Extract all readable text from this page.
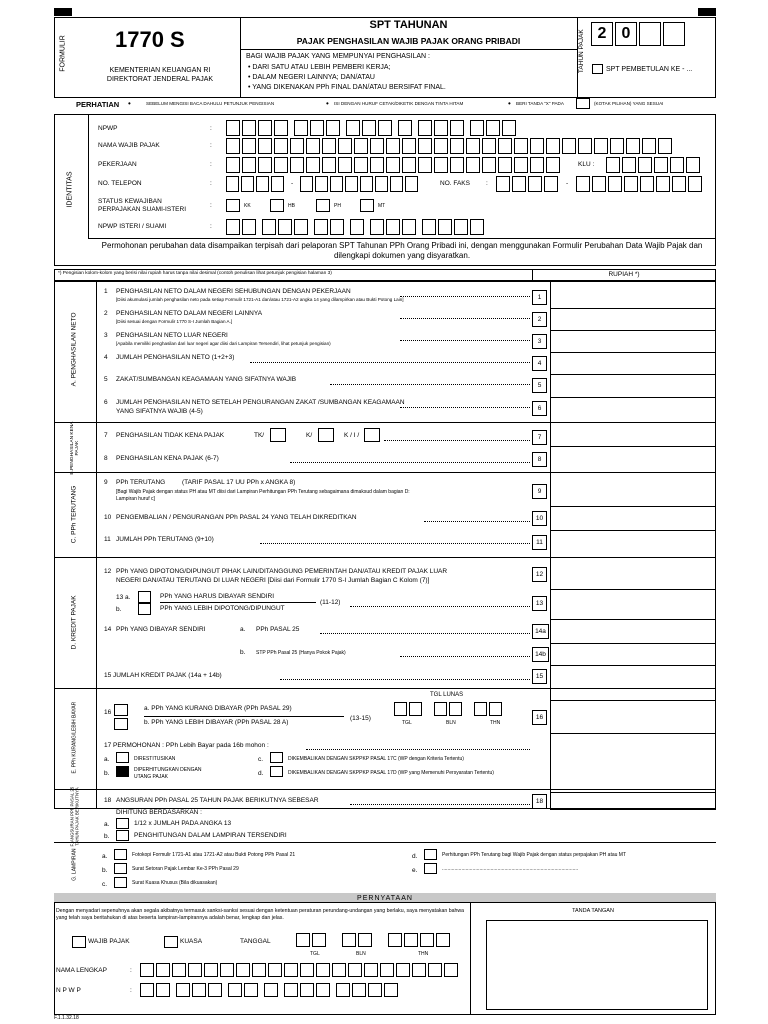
FORMULIR 1770 S
KEMENTERIAN KEUANGAN RI
DIREKTORAT JENDERAL PAJAK
SPT TAHUNAN
PAJAK PENGHASILAN WAJIB PAJAK ORANG PRIBADI
BAGI WAJIB PAJAK YANG MEMPUNYAI PENGHASILAN :
• DARI SATU ATAU LEBIH PEMBERI KERJA;
• DALAM NEGERI LAINNYA; DAN/ATAU
• YANG DIKENAKAN PPh FINAL DAN/ATAU BERSIFAT FINAL.
TAHUN PAJAK 2 0
SPT PEMBETULAN KE - ...
PERHATIAN •	SEBELUM MENGISI BACA DAHULU PETUNJUK PENGISIAN	• ISI DENGAN HURUF CETAK/DIKETIK DENGAN TINTA HITAM	• BERI TANDA "X" PADA	(KOTAK PILIHAN) YANG SESUAI
IDENTITAS
NPWP	:
NAMA WAJIB PAJAK	:
PEKERJAAN	:	KLU :
NO. TELEPON	:	-	NO. FAKS :	-
STATUS KEWAJIBAN
PERPAJAKAN SUAMI-ISTERI
:	KK	HB	PH	MT
NPWP ISTERI / SUAMI	:
Permohonan perubahan data disampaikan terpisah dari pelaporan SPT Tahunan PPh Orang Pribadi ini, dengan menggunakan Formulir Perubahan Data Wajib Pajak dan dilengkapi dokumen yang disyaratkan.
*) Pengisian kolom-kolom yang berisi nilai rupiah harus tanpa nilai desimal (contoh penulisan lihat petunjuk pengisian halaman 3)	RUPIAH *)
A. PENGHASILAN NETO
B.PENGHASILAN KENA PAJAK
C. PPh TERUTANG
D. KREDIT PAJAK
E. PPh KURANG/LEBIH BAYAR
F. ANGSURAN PPh PASAL 25 TAHUN PAJAK BERIKUTNYA
G. LAMPIRAN
1 PENGHASILAN NETO DALAM NEGERI SEHUBUNGAN DENGAN PEKERJAAN
[Diisi akumulasi jumlah penghasilan neto pada setiap Formulir 1721-A1 dan/atau 1721-A2 angka 14 yang dilampirkan atau Bukti Potong Lain]	1
2 PENGHASILAN NETO DALAM NEGERI LAINNYA
[Diisi sesuai dengan Formulir 1770 S-I Jumlah Bagian A.]	2
3 PENGHASILAN NETO LUAR NEGERI
[Apabila memiliki penghasilan dari luar negeri agar diisi dari Lampiran Tersendiri, lihat petunjuk pengisian)	3
4 JUMLAH PENGHASILAN NETO (1+2+3)
4
5 ZAKAT/SUMBANGAN KEAGAMAAN YANG SIFATNYA WAJIB
5
6 JUMLAH PENGHASILAN NETO SETELAH PENGURANGAN ZAKAT /SUMBANGAN KEAGAMAAN
YANG SIFATNYA WAJIB (4-5)	6
7 PENGHASILAN TIDAK KENA PAJAK	TK/	K/	K / I /	7
8 PENGHASILAN KENA PAJAK (6-7)	8
9 PPh TERUTANG	(TARIF PASAL 17 UU PPh x ANGKA 8)
[Bagi Wajib Pajak dengan status PH atau MT diisi dari Lampiran Perhitungan PPh Terutang sebagaimana dimaksud dalam bagian D:
Lampiran huruf c]
9
10 PENGEMBALIAN / PENGURANGAN PPh PASAL 24 YANG TELAH DIKREDITKAN	10
11 JUMLAH PPh TERUTANG (9+10)	11
12 PPh YANG DIPOTONG/DIPUNGUT PIHAK LAIN/DITANGGUNG PEMERINTAH DAN/ATAU KREDIT PAJAK LUAR
NEGERI DAN/ATAU TERUTANG DI LUAR NEGERI [Diisi dari Formulir 1770 S-I Jumlah Bagian C Kolom (7)]
12
13 a.	PPh YANG HARUS DIBAYAR SENDIRI
b.	PPh YANG LEBIH DIPOTONG/DIPUNGUT
(11-12)	13
14 PPh YANG DIBAYAR SENDIRI	a. PPh PASAL 25	14a
b. STP PPh Pasal 25 (Hanya Pokok Pajak)	14b
15 JUMLAH KREDIT PAJAK (14a + 14b)	15
TGL LUNAS
16
a. PPh YANG KURANG DIBAYAR (PPh PASAL 29)
b. PPh YANG LEBIH DIBAYAR (PPh PASAL 28 A)
(13-15)
TGL	BLN	THN
16
17 PERMOHONAN : PPh Lebih Bayar pada 16b mohon :
a.	DIRESTITUSIKAN
b.	DIPERHITUNGKAN DENGAN
UTANG PAJAK
c.	DIKEMBALIKAN DENGAN SKPPKP PASAL 17C (WP dengan Kriteria Tertentu)
d.	DIKEMBALIKAN DENGAN SKPPKP PASAL 17D (WP yang Memenuhi Persyaratan Tertentu)
18 ANGSURAN PPh PASAL 25 TAHUN PAJAK BERIKUTNYA SEBESAR	18
DIHITUNG BERDASARKAN :
a.	1/12 x JUMLAH PADA ANGKA 13
b.	PENGHITUNGAN DALAM LAMPIRAN TERSENDIRI
a.	Fotokopi Formulir 1721-A1 atau 1721-A2 atau Bukti Potong PPh Pasal 21
b.	Surat Setoran Pajak Lembar Ke-3 PPh Pasal 29
c.	Surat Kuasa Khusus (Bila dikuasakan)
d.	Perhitungan PPh Terutang bagi Wajib Pajak dengan status perpajakan PH atau MT
e.	..................................................................................................
PERNYATAAN
Dengan menyadari sepenuhnya akan segala akibatnya termasuk sanksi-sanksi sesuai dengan ketentuan peraturan perundang-undangan yang berlaku, saya menyatakan bahwa yang telah saya beritahukan di atas beserta lampiran-lampirannya adalah benar, lengkap dan jelas.
WAJIB PAJAK	KUASA	TANGGAL
TGL	BLN	THN
NAMA LENGKAP	:
N P W P	:
TANDA TANGAN
F.1.1.32.18
